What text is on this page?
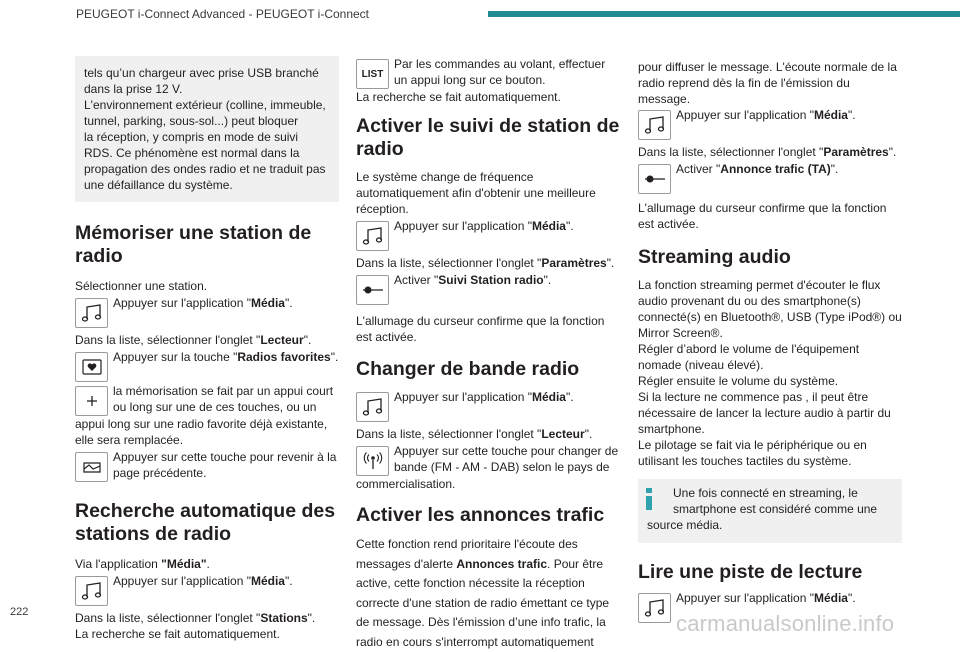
PEUGEOT i-Connect Advanced - PEUGEOT i-Connect

tels qu’un chargeur avec prise USB branché

dans la prise 12 V.

L'environnement extérieur (colline, immeuble,

tunnel, parking, sous-sol...) peut bloquer

la réception, y compris en mode de suivi

RDS. Ce phénomène est normal dans la

propagation des ondes radio et ne traduit pas

une défaillance du système.

Mémoriser une station de radio

Sélectionner une station.

Appuyer sur l'application "Média".

Dans la liste, sélectionner l'onglet "Lecteur".

Appuyer sur la touche "Radios favorites".

la mémorisation se fait par un appui court ou long sur une de ces touches, ou un

appui long sur une radio favorite déjà existante, elle sera remplacée.

Appuyer sur cette touche pour revenir à la page précédente.

Recherche automatique des stations de radio

Via l'application "Média".

Appuyer sur l'application "Média".

Dans la liste, sélectionner l'onglet "Stations".

La recherche se fait automatiquement.

LIST

Par les commandes au volant, effectuer un appui long sur ce bouton.

La recherche se fait automatiquement.

Activer le suivi de station de radio

Le système change de fréquence automatiquement afin d'obtenir une meilleure réception.

Appuyer sur l'application "Média".

Dans la liste, sélectionner l'onglet "Paramètres".

Activer "Suivi Station radio".

L'allumage du curseur confirme que la fonction est activée.

Changer de bande radio

Appuyer sur l'application "Média".

Dans la liste, sélectionner l'onglet "Lecteur".

Appuyer sur cette touche pour changer de bande (FM - AM - DAB) selon le pays de

commercialisation.

Activer les annonces trafic

Cette fonction rend prioritaire l'écoute des messages d'alerte Annonces trafic. Pour être active, cette fonction nécessite la réception correcte d'une station de radio émettant ce type de message. Dès l'émission d’une info trafic, la radio en cours s'interrompt automatiquement

pour diffuser le message. L'écoute normale de la radio reprend dès la fin de l'émission du message.

Appuyer sur l'application "Média".

Dans la liste, sélectionner l'onglet "Paramètres".

Activer "Annonce trafic (TA)".

L'allumage du curseur confirme que la fonction est activée.

Streaming audio

La fonction streaming permet d'écouter le flux audio provenant du ou des smartphone(s) connecté(s) en Bluetooth®, USB (Type iPod®) ou Mirror Screen®.

Régler d’abord le volume de l'équipement nomade (niveau élevé).

Régler ensuite le volume du système.

Si la lecture ne commence pas , il peut être nécessaire de lancer la lecture audio à partir du smartphone.

Le pilotage se fait via le périphérique ou en utilisant les touches tactiles du système.

Une fois connecté en streaming, le smartphone est considéré comme une

source média.

Lire une piste de lecture

Appuyer sur l'application "Média".

222	carmanualsonline.info
